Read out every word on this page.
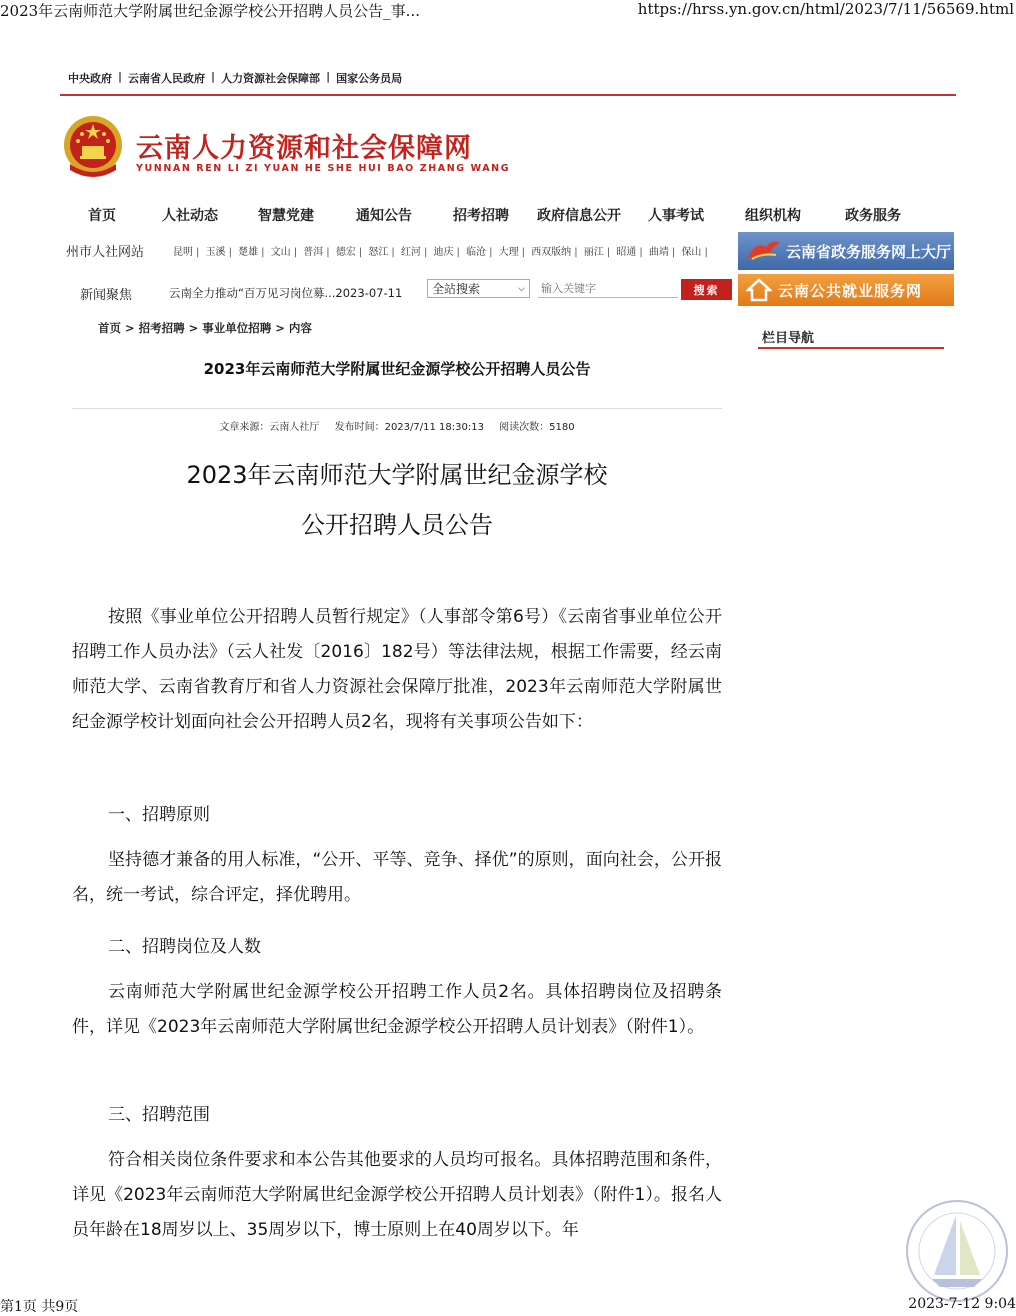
2023年云南师范大学附属世纪金源学校公开招聘人员公告_事...	https://hrss.yn.gov.cn/html/2023/7/11/56569.html
中央政府 | 云南省人民政府 | 人力资源社会保障部 | 国家公务员局
云南人力资源和社会保障网
YUNNAN REN LI ZI YUAN HE SHE HUI BAO ZHANG WANG
首页	人社动态	智慧党建	通知公告	招考招聘 政府信息公开 人事考试	组织机构	政务服务
州市人社网站	昆明 | 玉溪 | 楚雄 | 文山 | 普洱 | 德宏 | 怒江 | 红河 | 迪庆 | 临沧 | 大理 | 西双版纳 | 丽江 | 昭通 | 曲靖 | 保山 |
新闻聚焦	云南全力推动“百万见习岗位募...2023-07-11 全站搜索	⌵
输入关键字	搜索
云南省政务服务网上大厅
云南公共就业服务网
栏目导航
首页 > 招考招聘 > 事业单位招聘 > 内容
2023年云南师范大学附属世纪金源学校公开招聘人员公告
文章来源：云南人社厅 发布时间：2023/7/11 18:30:13 阅读次数：5180
2023年云南师范大学附属世纪金源学校
公开招聘人员公告

按照《事业单位公开招聘人员暂行规定》（人事部令第6号）《云南省事业单位公开招聘工作人员办法》（云人社发〔2016〕182号）等法律法规，根据工作需要，经云南师范大学、云南省教育厅和省人力资源社会保障厅批准，2023年云南师范大学附属世纪金源学校计划面向社会公开招聘人员2名，现将有关事项公告如下：

一、招聘原则

坚持德才兼备的用人标准，“公开、平等、竞争、择优”的原则，面向社会，公开报名，统一考试，综合评定，择优聘用。

二、招聘岗位及人数

云南师范大学附属世纪金源学校公开招聘工作人员2名。具体招聘岗位及招聘条件，详见《2023年云南师范大学附属世纪金源学校公开招聘人员计划表》（附件1）。

三、招聘范围

符合相关岗位条件要求和本公告其他要求的人员均可报名。具体招聘范围和条件，详见《2023年云南师范大学附属世纪金源学校公开招聘人员计划表》（附件1）。报名人员年龄在18周岁以上、35周岁以下，博士原则上在40周岁以下。年

第1页 共9页	2023-7-12 9:04
